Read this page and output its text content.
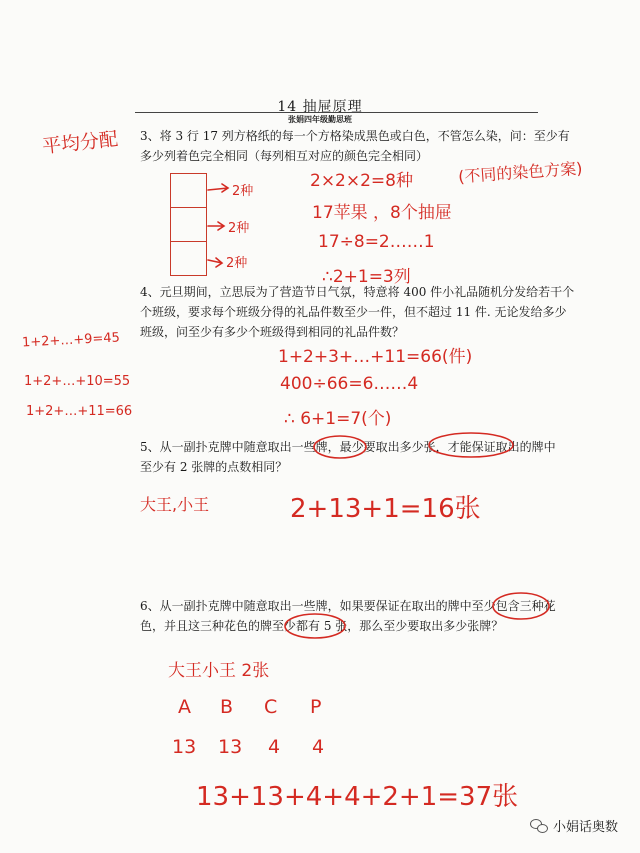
14 抽屉原理
张娟四年级勤思班
3、将 3 行 17 列方格纸的每一个方格染成黑色或白色，不管怎么染，问：至少有
多少列着色完全相同（每列相互对应的颜色完全相同）
4、元旦期间，立思辰为了营造节日气氛，特意将 400 件小礼品随机分发给若干个
个班级，要求每个班级分得的礼品件数至少一件，但不超过 11 件. 无论发给多少
班级，问至少有多少个班级得到相同的礼品件数？
5、从一副扑克牌中随意取出一些牌，最少要取出多少张，才能保证取出的牌中
至少有 2 张牌的点数相同？
6、从一副扑克牌中随意取出一些牌，如果要保证在取出的牌中至少包含三种花
色，并且这三种花色的牌至少都有 5 张，那么至少要取出多少张牌？
平均分配
2种
2种
2种
2×2×2=8种	(不同的染色方案)
17苹果 ，8个抽屉
17÷8=2……1
∴2+1=3列
1+2+…+9=45
1+2+…+10=55
1+2+…+11=66
1+2+3+…+11=66(件)
400÷66=6……4
∴ 6+1=7(个)
大王,小王	2+13+1=16张
大王小王 2张
A B C P
13 13 4 4
13+13+4+4+2+1=37张
小娟话奥数
